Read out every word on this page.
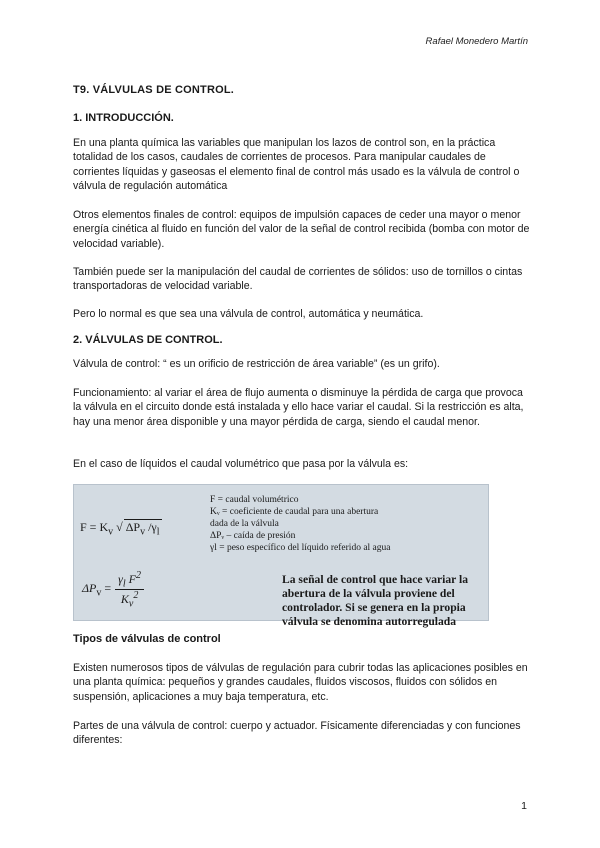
Rafael Monedero Martín
T9. VÁLVULAS DE CONTROL.
1. INTRODUCCIÓN.

En una planta química las variables que manipulan los lazos de control son, en la práctica totalidad de los casos, caudales de corrientes de procesos. Para manipular caudales de corrientes líquidas y gaseosas el elemento final de control más usado es la válvula de control o válvula de regulación automática

Otros elementos finales de control: equipos de impulsión capaces de ceder una mayor o menor energía cinética al fluido en función del valor de la señal de control recibida (bomba con motor de velocidad variable).

También puede ser la manipulación del caudal de corrientes de sólidos: uso de tornillos o cintas transportadoras de velocidad variable.

Pero lo normal es que sea una válvula de control, automática y neumática.

2. VÁLVULAS DE CONTROL.

Válvula de control: “ es un orificio de restricción de área variable” (es un grifo).

Funcionamiento: al variar el área de flujo aumenta o disminuye la pérdida de carga que provoca la válvula en el circuito donde está instalada y ello hace variar el caudal. Si la restricción es alta, hay una menor área disponible y una mayor pérdida de carga, siendo el caudal menor.

En el caso de líquidos el caudal volumétrico que pasa por la válvula es:

$F = K_v$ √ $\Delta P_v$ $/\gamma_l$
F = caudal volumétrico
Kᵥ = coeficiente de caudal para una abertura
dada de la válvula
ΔPᵥ – caída de presión
γl = peso específico del líquido referido al agua
$\Delta P_v = \frac{\gamma_l F^2}{K_v^2}$	La señal de control que hace variar la abertura de la válvula proviene del controlador. Si se genera en la propia válvula se denomina autorregulada
Tipos de válvulas de control

Existen numerosos tipos de válvulas de regulación para cubrir todas las aplicaciones posibles en una planta química: pequeños y grandes caudales, fluidos viscosos, fluidos con sólidos en suspensión, aplicaciones a muy baja temperatura, etc.

Partes de una válvula de control: cuerpo y actuador. Físicamente diferenciadas y con funciones diferentes:

1
